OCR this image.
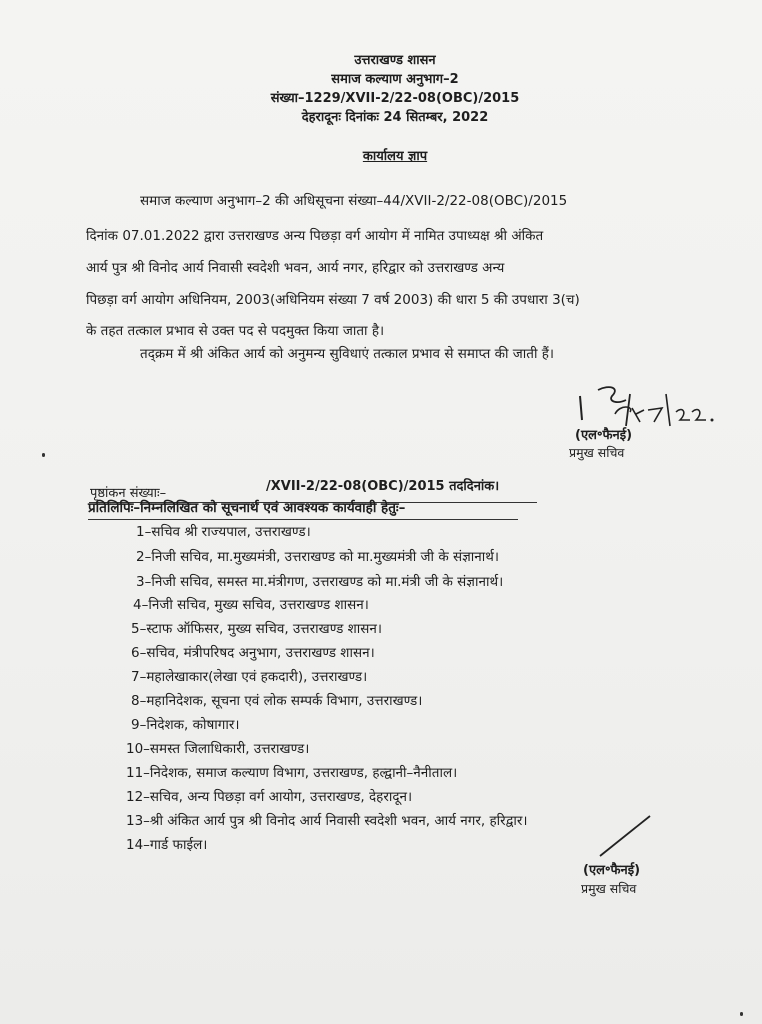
उत्तराखण्ड शासन
समाज कल्याण अनुभाग–2
संख्या–1229/XVII-2/22-08(OBC)/2015
देहरादूनः दिनांकः 24 सितम्बर, 2022
कार्यालय ज्ञाप
समाज कल्याण अनुभाग–2 की अधिसूचना संख्या–44/XVII-2/22-08(OBC)/2015
दिनांक 07.01.2022 द्वारा उत्तराखण्ड अन्य पिछड़ा वर्ग आयोग में नामित उपाध्यक्ष श्री अंकित
आर्य पुत्र श्री विनोद आर्य निवासी स्वदेशी भवन, आर्य नगर, हरिद्वार को उत्तराखण्ड अन्य
पिछड़ा वर्ग आयोग अधिनियम, 2003(अधिनियम संख्या 7 वर्ष 2003) की धारा 5 की उपधारा 3(च)
के तहत तत्काल प्रभाव से उक्त पद से पदमुक्त किया जाता है।
तद्क्रम में श्री अंकित आर्य को अनुमन्य सुविधाएं तत्काल प्रभाव से समाप्त की जाती हैं।
(एल॰फैनई)
प्रमुख सचिव
पृष्ठांकन संख्याः–	/XVII-2/22-08(OBC)/2015 तददिनांक।
प्रतिलिपिः–निम्नलिखित को सूचनार्थ एवं आवश्यक कार्यवाही हेतुः–
1–सचिव श्री राज्यपाल, उत्तराखण्ड।
2–निजी सचिव, मा.मुख्यमंत्री, उत्तराखण्ड को मा.मुख्यमंत्री जी के संज्ञानार्थ।
3–निजी सचिव, समस्त मा.मंत्रीगण, उत्तराखण्ड को मा.मंत्री जी के संज्ञानार्थ।
4–निजी सचिव, मुख्य सचिव, उत्तराखण्ड शासन।
5–स्टाफ ऑफिसर, मुख्य सचिव, उत्तराखण्ड शासन।
6–सचिव, मंत्रीपरिषद अनुभाग, उत्तराखण्ड शासन।
7–महालेखाकार(लेखा एवं हकदारी), उत्तराखण्ड।
8–महानिदेशक, सूचना एवं लोक सम्पर्क विभाग, उत्तराखण्ड।
9–निदेशक, कोषागार।
10–समस्त जिलाधिकारी, उत्तराखण्ड।
11–निदेशक, समाज कल्याण विभाग, उत्तराखण्ड, हल्द्वानी–नैनीताल।
12–सचिव, अन्य पिछड़ा वर्ग आयोग, उत्तराखण्ड, देहरादून।
13–श्री अंकित आर्य पुत्र श्री विनोद आर्य निवासी स्वदेशी भवन, आर्य नगर, हरिद्वार।
14–गार्ड फाईल।
(एल॰फैनई)
प्रमुख सचिव
